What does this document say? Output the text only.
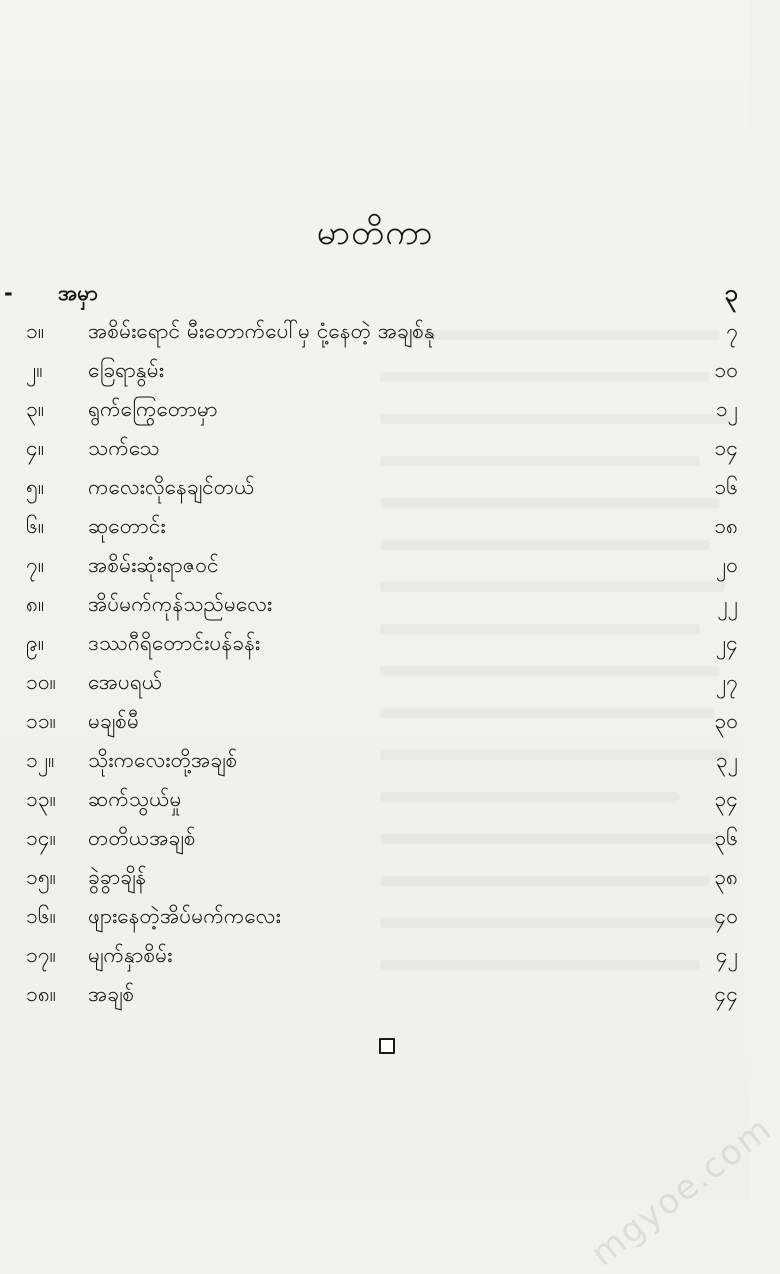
မာတိကာ
-	အမှာ	၃
၁။	အစိမ်းရောင် မီးတောက်ပေါ်မှ ငုံ့နေတဲ့ အချစ်နု	၇
၂။	ခြေရာနွမ်း	၁၀
၃။	ရွက်ကြွေတောမှာ	၁၂
၄။	သက်သေ	၁၄
၅။	ကလေးလိုနေချင်တယ်	၁၆
၆။	ဆုတောင်း	၁၈
၇။	အစိမ်းဆုံးရာဇဝင်	၂၀
၈။	အိပ်မက်ကုန်သည်မလေး	၂၂
၉။	ဒဿဂီရိတောင်းပန်ခန်း	၂၄
၁၀။	အေပရယ်	၂၇
၁၁။	မချစ်မီ	၃၀
၁၂။	သိုးကလေးတို့အချစ်	၃၂
၁၃။	ဆက်သွယ်မှု	၃၄
၁၄။	တတိယအချစ်	၃၆
၁၅။	ခွဲခွာချိန်	၃၈
၁၆။	ဖျားနေတဲ့အိပ်မက်ကလေး	၄၀
၁၇။	မျက်နှာစိမ်း	၄၂
၁၈။	အချစ်	၄၄
mgyoe.com
